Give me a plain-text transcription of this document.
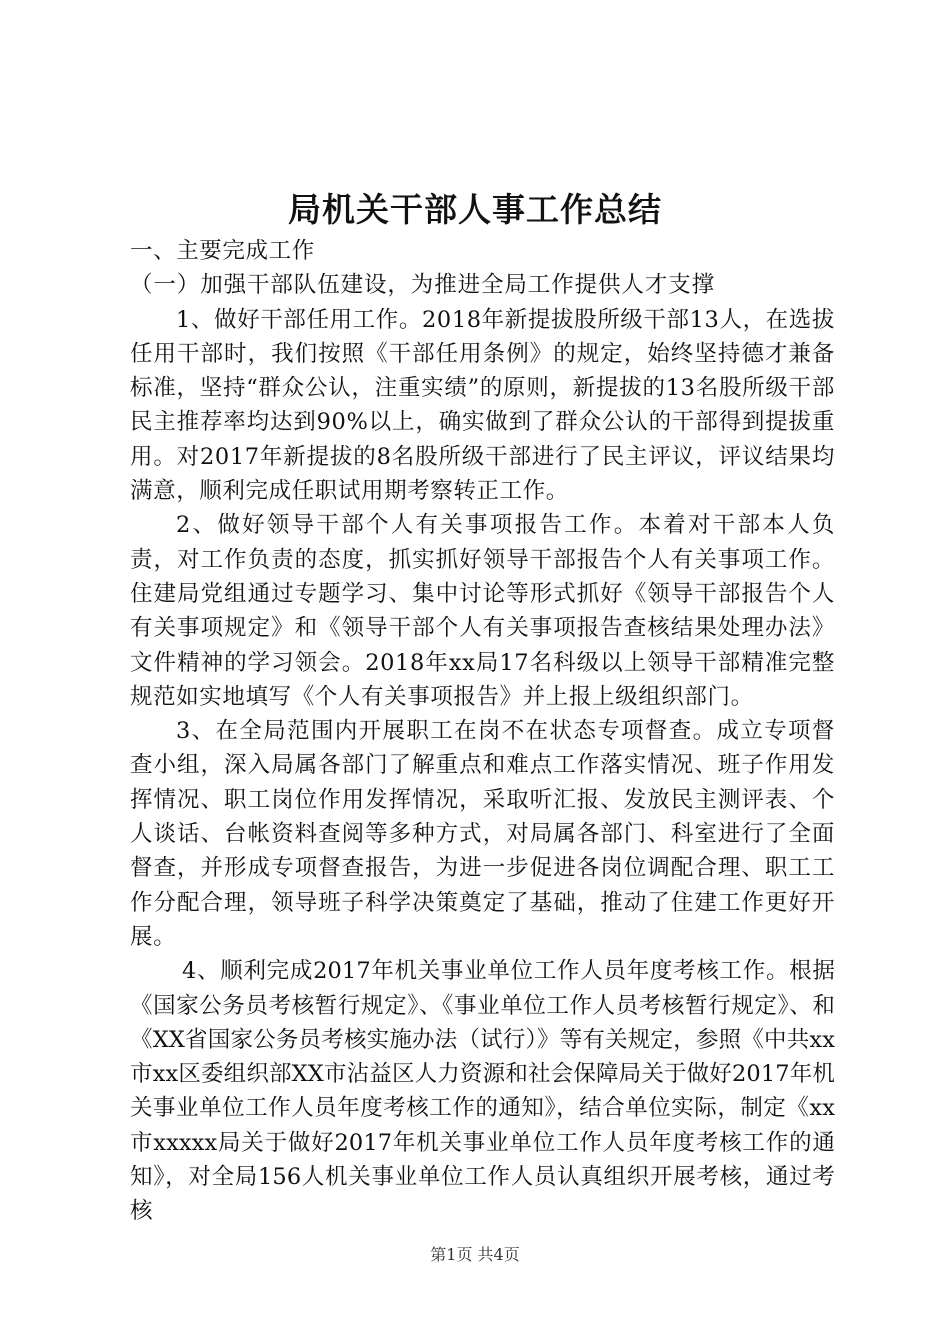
局机关干部人事工作总结

一、主要完成工作

（一）加强干部队伍建设，为推进全局工作提供人才支撑

1、做好干部任用工作。2018年新提拔股所级干部13人，在选拔任用干部时，我们按照《干部任用条例》的规定，始终坚持德才兼备标准，坚持“群众公认，注重实绩”的原则，新提拔的13名股所级干部民主推荐率均达到90%以上，确实做到了群众公认的干部得到提拔重用。对2017年新提拔的8名股所级干部进行了民主评议，评议结果均满意，顺利完成任职试用期考察转正工作。

2、做好领导干部个人有关事项报告工作。本着对干部本人负责，对工作负责的态度，抓实抓好领导干部报告个人有关事项工作。住建局党组通过专题学习、集中讨论等形式抓好《领导干部报告个人有关事项规定》和《领导干部个人有关事项报告查核结果处理办法》文件精神的学习领会。2018年xx局17名科级以上领导干部精准完整规范如实地填写《个人有关事项报告》并上报上级组织部门。

3、在全局范围内开展职工在岗不在状态专项督查。成立专项督查小组，深入局属各部门了解重点和难点工作落实情况、班子作用发挥情况、职工岗位作用发挥情况，采取听汇报、发放民主测评表、个人谈话、台帐资料查阅等多种方式，对局属各部门、科室进行了全面督查，并形成专项督查报告，为进一步促进各岗位调配合理、职工工作分配合理，领导班子科学决策奠定了基础，推动了住建工作更好开展。

4、顺利完成2017年机关事业单位工作人员年度考核工作。根据《国家公务员考核暂行规定》、《事业单位工作人员考核暂行规定》、和《XX省国家公务员考核实施办法（试行）》等有关规定，参照《中共xx市xx区委组织部XX市沾益区人力资源和社会保障局关于做好2017年机关事业单位工作人员年度考核工作的通知》，结合单位实际，制定《xx市xxxxx局关于做好2017年机关事业单位工作人员年度考核工作的通知》，对全局156人机关事业单位工作人员认真组织开展考核，通过考核

第1页 共4页
